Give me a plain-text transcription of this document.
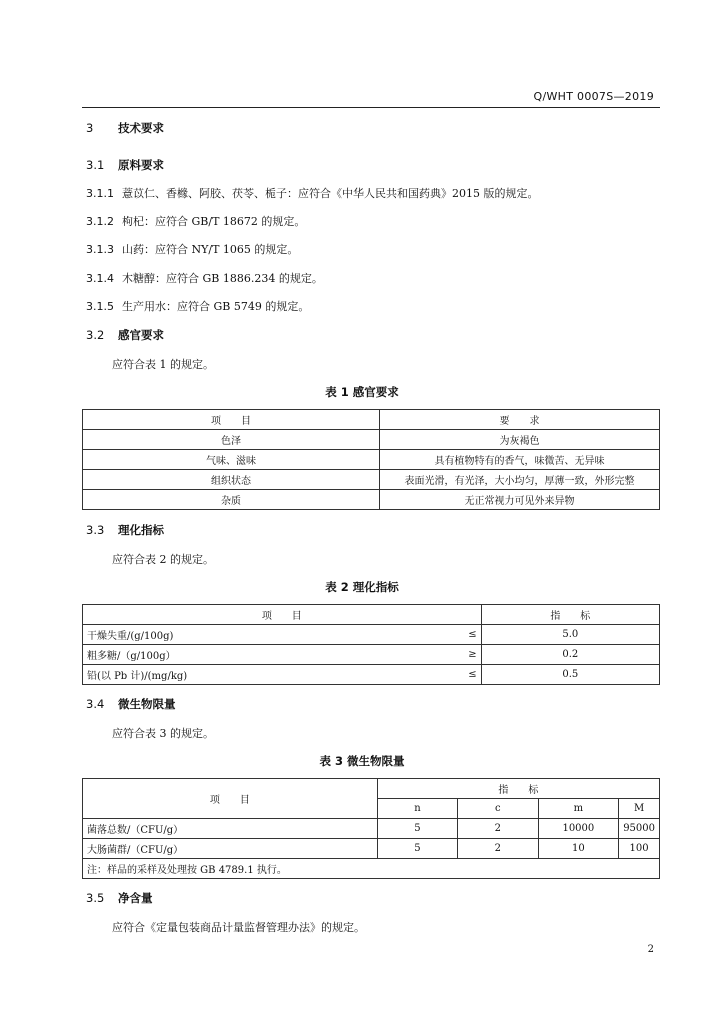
Q/WHT 0007S—2019
3 技术要求
3.1 原料要求
3.1.1 薏苡仁、香橼、阿胶、茯苓、栀子：应符合《中华人民共和国药典》2015 版的规定。
3.1.2 枸杞：应符合 GB/T 18672 的规定。
3.1.3 山药：应符合 NY/T 1065 的规定。
3.1.4 木糖醇：应符合 GB 1886.234 的规定。
3.1.5 生产用水：应符合 GB 5749 的规定。
3.2 感官要求
应符合表 1 的规定。
表 1 感官要求
项　　目	要　　求
色泽	为灰褐色
气味、滋味	具有植物特有的香气，味微苦、无异味
组织状态	表面光滑，有光泽，大小均匀，厚薄一致，外形完整
杂质	无正常视力可见外来异物
3.3 理化指标
应符合表 2 的规定。
表 2 理化指标
项　　目		指　　标
干燥失重/(g/100g)	≤	5.0
粗多糖/（g/100g）	≥	0.2
铅(以 Pb 计)/(mg/kg)	≤	0.5
3.4 微生物限量
应符合表 3 的规定。
表 3 微生物限量
项　　目	指　　标			
	n	c	m	M
菌落总数/（CFU/g）	5	2	10000	95000
大肠菌群/（CFU/g）	5	2	10	100
注：样品的采样及处理按 GB 4789.1 执行。				
3.5 净含量
应符合《定量包装商品计量监督管理办法》的规定。
2
